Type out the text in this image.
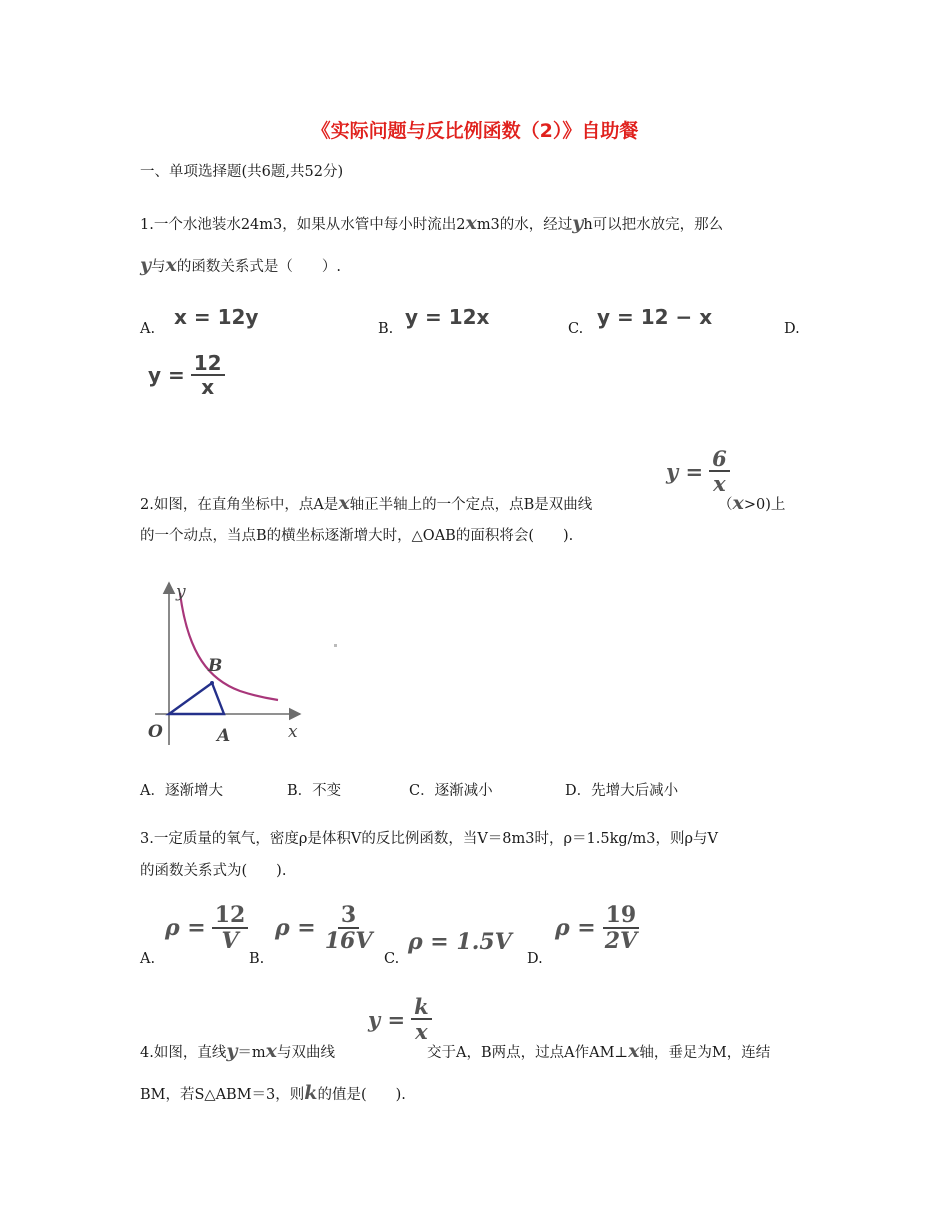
《实际问题与反比例函数（2）》自助餐
一、单项选择题(共6题,共52分)
1.一个水池装水24m3，如果从水管中每小时流出2xm3的水，经过yh可以把水放完，那么
y与x的函数关系式是（　　）.
A. x = 12y	B. y = 12x	C. y = 12 − x	D.
$y = \frac{12}{x}$
$y = \frac{6}{x}$
2.如图，在直角坐标中，点A是x轴正半轴上的一个定点，点B是双曲线	（x>0)上
的一个动点，当点B的横坐标逐渐增大时，△OAB的面积将会(　　).
y
x
O	A
B
A．逐渐增大	B．不变	C．逐渐减小	D．先增大后减小
3.一定质量的氧气，密度ρ是体积V的反比例函数，当V＝8m3时，ρ＝1.5kg/m3，则ρ与V
的函数关系式为(　　).
A.
$\rho = \frac{12}{V}$
B.
$\rho = \frac{3}{16V}$
C.
ρ = 1.5V
D.
$\rho = \frac{19}{2V}$
$y = \frac{k}{x}$
4.如图，直线y＝mx与双曲线	交于A，B两点，过点A作AM⊥x轴，垂足为M，连结
BM，若S△ABM＝3，则k的值是(　　).
